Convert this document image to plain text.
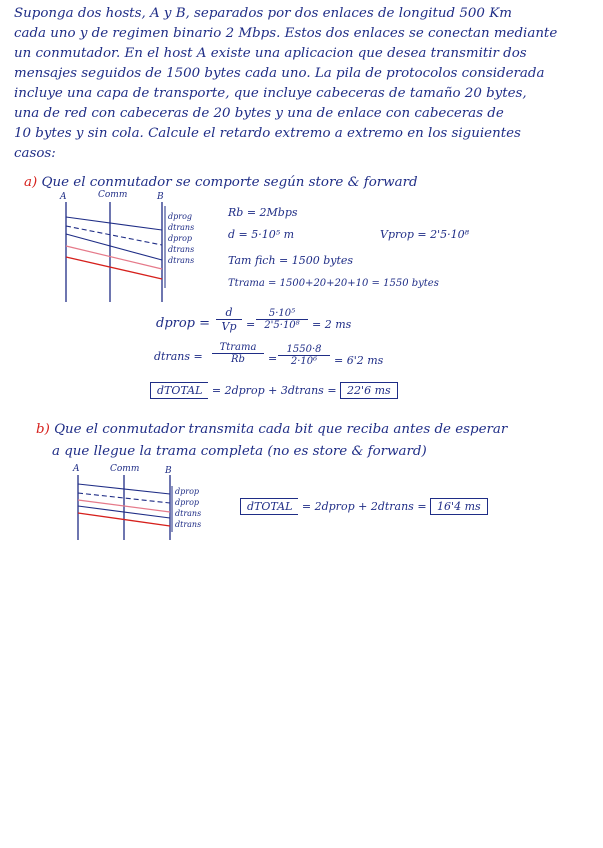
Suponga dos hosts, A y B, separados por dos enlaces de longitud 500 Km
cada uno y de regimen binario 2 Mbps. Estos dos enlaces se conectan mediante
un conmutador. En el host A existe una aplicacion que desea transmitir dos
mensajes seguidos de 1500 bytes cada uno. La pila de protocolos considerada
incluye una capa de transporte, que incluye cabeceras de tamaño 20 bytes,
una de red con cabeceras de 20 bytes y una de enlace con cabeceras de
10 bytes y sin cola. Calcule el retardo extremo a extremo en los siguientes
casos:
a) Que el conmutador se comporte según store & forward
A	Comm	B
dprog
dtrans
dprop
dtrans
dtrans
Rb = 2Mbps
d = 5·10⁵ m	Vprop = 2'5·10⁸
Tam fich = 1500 bytes
Ttrama = 1500+20+20+10 = 1550 bytes
dprop = $\frac{d}{Vp} = \frac{\text{5·10⁵}}{\text{2'5·10⁸}} = 2$ ms
dtrans =
Ttrama
Rb	= $\frac{1550\cdot 8}{\text{2·10⁶}} = 6'2$ ms
dTOTAL = 2dprop + 3dtrans = 22'6 ms
b) Que el conmutador transmita cada bit que reciba antes de esperar
a que llegue la trama completa (no es store & forward)
A	Comm	B
dprop
dprop
dtrans
dtrans
dTOTAL = 2dprop + 2dtrans = 16'4 ms
